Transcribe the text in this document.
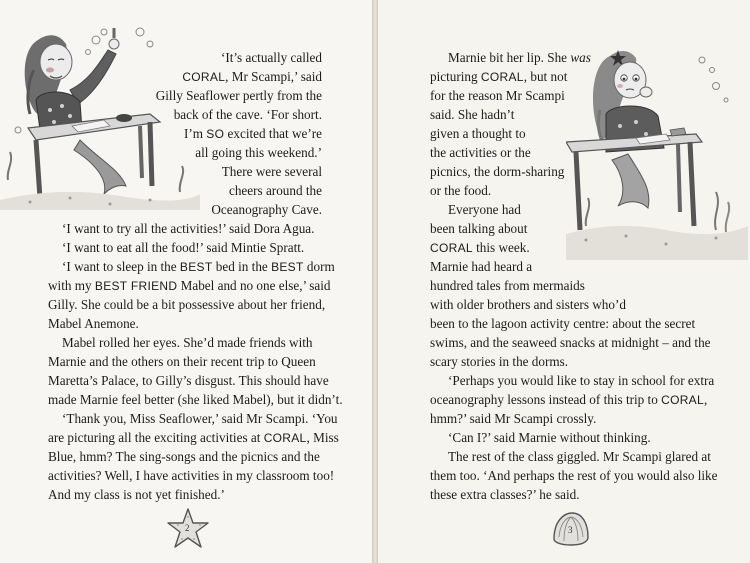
‘It’s actually called
CORAL, Mr Scampi,’ said
Gilly Seaflower pertly from the
back of the cave. ‘For short.
I’m SO excited that we’re
all going this weekend.’
There were several
cheers around the
Oceanography Cave.
‘I want to try all the activities!’ said Dora Agua.
‘I want to eat all the food!’ said Mintie Spratt.
‘I want to sleep in the BEST bed in the BEST dorm
with my BEST FRIEND Mabel and no one else,’ said
Gilly. She could be a bit possessive about her friend,
Mabel Anemone.
Mabel rolled her eyes. She’d made friends with
Marnie and the others on their recent trip to Queen
Maretta’s Palace, to Gilly’s disgust. This should have
made Marnie feel better (she liked Mabel), but it didn’t.
‘Thank you, Miss Seaflower,’ said Mr Scampi. ‘You
are picturing all the exciting activities at CORAL, Miss
Blue, hmm? The sing-songs and the picnics and the
activities? Well, I have activities in my classroom too!
And my class is not yet finished.’
2
Marnie bit her lip. She was
picturing CORAL, but not
for the reason Mr Scampi
said. She hadn’t
given a thought to
the activities or the
picnics, the dorm-sharing
or the food.
Everyone had
been talking about
CORAL this week.
Marnie had heard a
hundred tales from mermaids
with older brothers and sisters who’d
been to the lagoon activity centre: about the secret
swims, and the seaweed snacks at midnight – and the
scary stories in the dorms.
‘Perhaps you would like to stay in school for extra
oceanography lessons instead of this trip to CORAL,
hmm?’ said Mr Scampi crossly.
‘Can I?’ said Marnie without thinking.
The rest of the class giggled. Mr Scampi glared at
them too. ‘And perhaps the rest of you would also like
these extra classes?’ he said.
3
